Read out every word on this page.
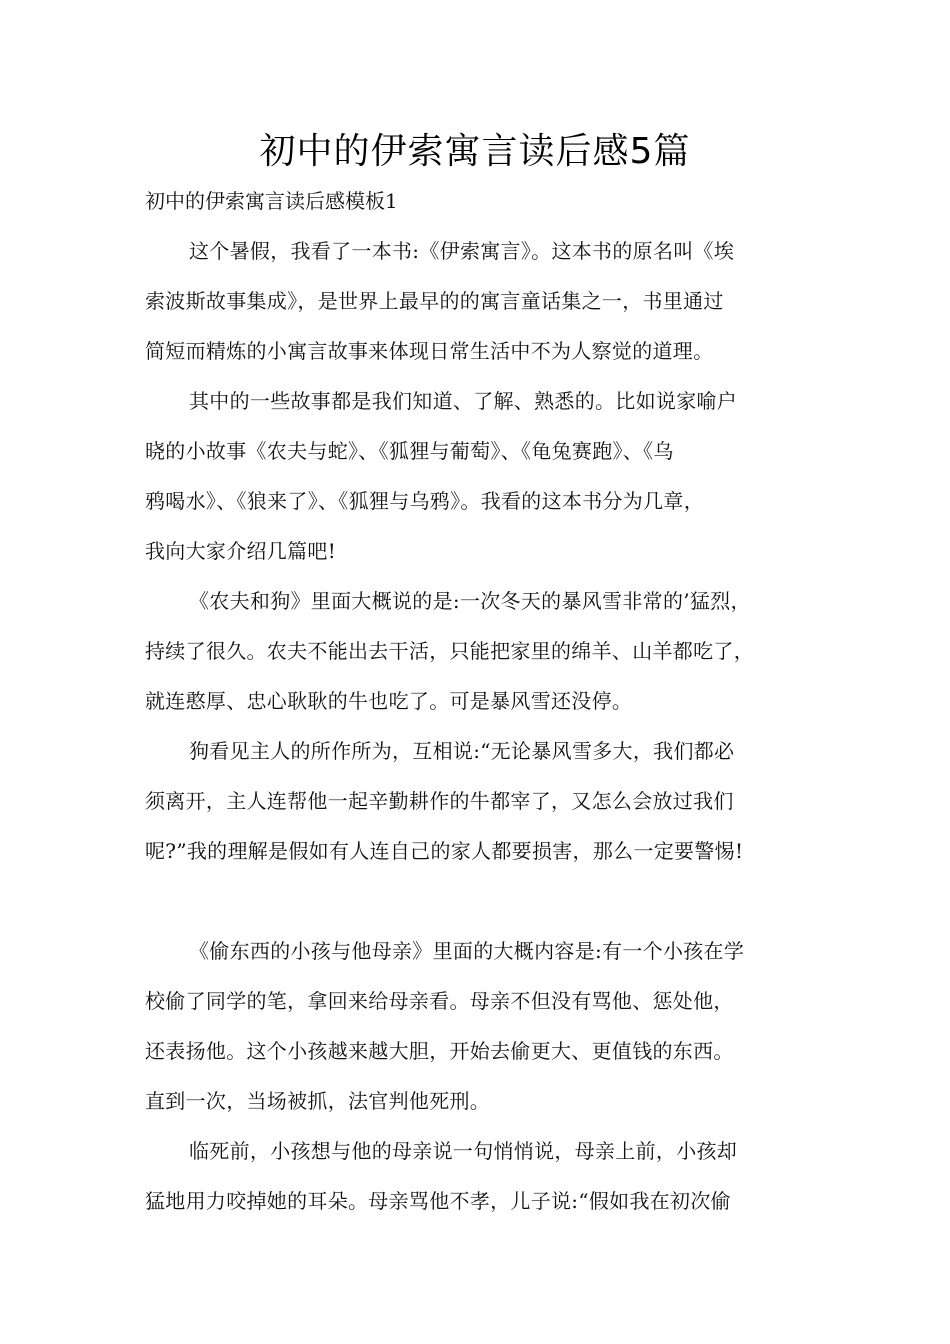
初中的伊索寓言读后感5篇

初中的伊索寓言读后感模板1

这个暑假，我看了一本书:《伊索寓言》。这本书的原名叫《埃
索波斯故事集成》，是世界上最早的的寓言童话集之一，书里通过
简短而精炼的小寓言故事来体现日常生活中不为人察觉的道理。

其中的一些故事都是我们知道、了解、熟悉的。比如说家喻户
晓的小故事《农夫与蛇》、《狐狸与葡萄》、《龟兔赛跑》、《乌
鸦喝水》、《狼来了》、《狐狸与乌鸦》。我看的这本书分为几章，
我向大家介绍几篇吧!

《农夫和狗》里面大概说的是:一次冬天的暴风雪非常的’猛烈，
持续了很久。农夫不能出去干活，只能把家里的绵羊、山羊都吃了，
就连憨厚、忠心耿耿的牛也吃了。可是暴风雪还没停。

狗看见主人的所作所为，互相说:“无论暴风雪多大，我们都必
须离开，主人连帮他一起辛勤耕作的牛都宰了，又怎么会放过我们
呢?”我的理解是假如有人连自己的家人都要损害，那么一定要警惕!

《偷东西的小孩与他母亲》里面的大概内容是:有一个小孩在学
校偷了同学的笔，拿回来给母亲看。母亲不但没有骂他、惩处他，
还表扬他。这个小孩越来越大胆，开始去偷更大、更值钱的东西。
直到一次，当场被抓，法官判他死刑。

临死前，小孩想与他的母亲说一句悄悄说，母亲上前，小孩却
猛地用力咬掉她的耳朵。母亲骂他不孝，儿子说:“假如我在初次偷
